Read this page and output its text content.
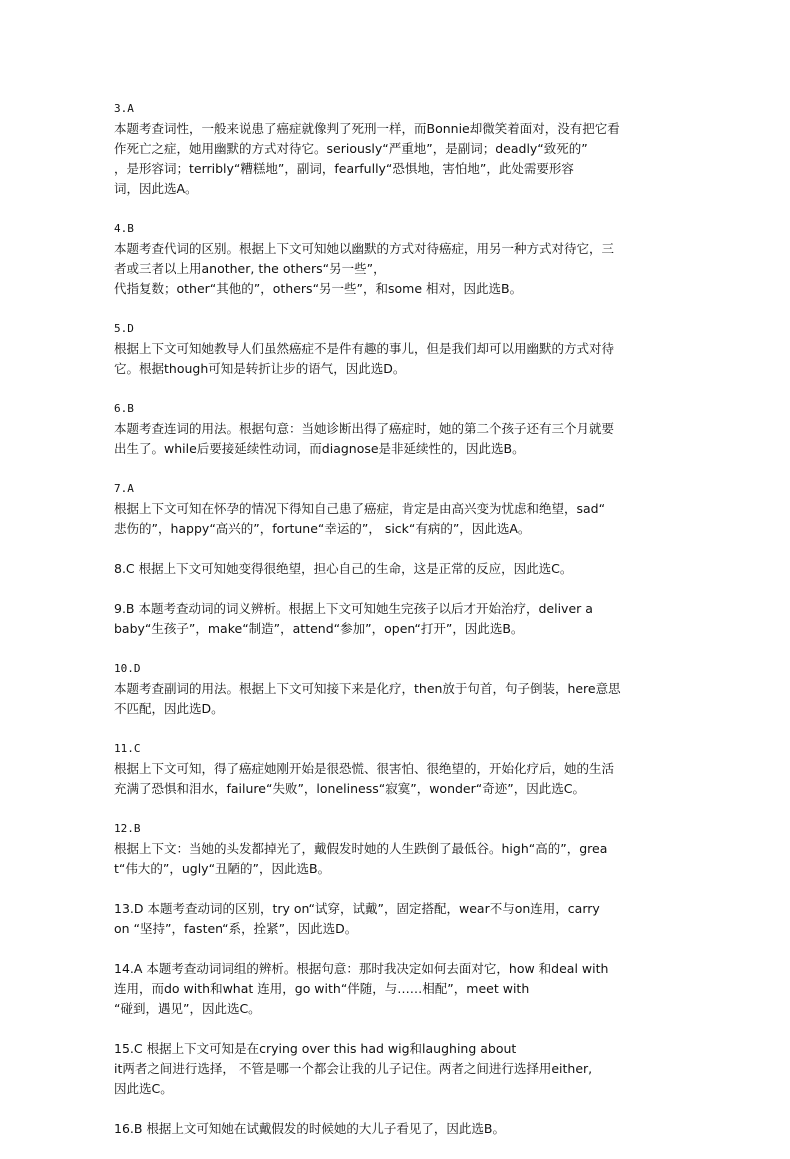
3.A
本题考查词性，一般来说患了癌症就像判了死刑一样，而Bonnie却微笑着面对，没有把它看
作死亡之症，她用幽默的方式对待它。seriously“严重地”，是副词；deadly“致死的”
，是形容词；terribly“糟糕地”，副词，fearfully“恐惧地，害怕地”，此处需要形容
词，因此选A。
4.B
本题考查代词的区别。根据上下文可知她以幽默的方式对待癌症，用另一种方式对待它，三
者或三者以上用another, the others“另一些”，
代指复数；other“其他的”，others“另一些”，和some 相对，因此选B。
5.D
根据上下文可知她教导人们虽然癌症不是件有趣的事儿，但是我们却可以用幽默的方式对待
它。根据though可知是转折让步的语气，因此选D。
6.B
本题考查连词的用法。根据句意：当她诊断出得了癌症时，她的第二个孩子还有三个月就要
出生了。while后要接延续性动词，而diagnose是非延续性的，因此选B。
7.A
根据上下文可知在怀孕的情况下得知自己患了癌症，肯定是由高兴变为忧虑和绝望，sad“
悲伤的”，happy“高兴的”，fortune“幸运的”， sick“有病的”，因此选A。
8.C 根据上下文可知她变得很绝望，担心自己的生命，这是正常的反应，因此选C。
9.B 本题考查动词的词义辨析。根据上下文可知她生完孩子以后才开始治疗，deliver a
baby“生孩子”，make“制造”，attend“参加”，open“打开”，因此选B。
10.D
本题考查副词的用法。根据上下文可知接下来是化疗，then放于句首，句子倒装，here意思
不匹配，因此选D。
11.C
根据上下文可知，得了癌症她刚开始是很恐慌、很害怕、很绝望的，开始化疗后，她的生活
充满了恐惧和泪水，failure“失败”，loneliness“寂寞”，wonder“奇迹”，因此选C。
12.B
根据上下文：当她的头发都掉光了，戴假发时她的人生跌倒了最低谷。high“高的”，grea
t“伟大的”，ugly“丑陋的”，因此选B。
13.D 本题考查动词的区别，try on“试穿，试戴”，固定搭配，wear不与on连用，carry
on “坚持”，fasten“系，拴紧”，因此选D。
14.A 本题考查动词词组的辨析。根据句意：那时我决定如何去面对它，how 和deal with
连用，而do with和what 连用，go with“伴随，与……相配”，meet with
“碰到，遇见”，因此选C。
15.C 根据上下文可知是在crying over this had wig和laughing about
it两者之间进行选择， 不管是哪一个都会让我的儿子记住。两者之间进行选择用either,
因此选C。
16.B 根据上文可知她在试戴假发的时候她的大儿子看见了，因此选B。
